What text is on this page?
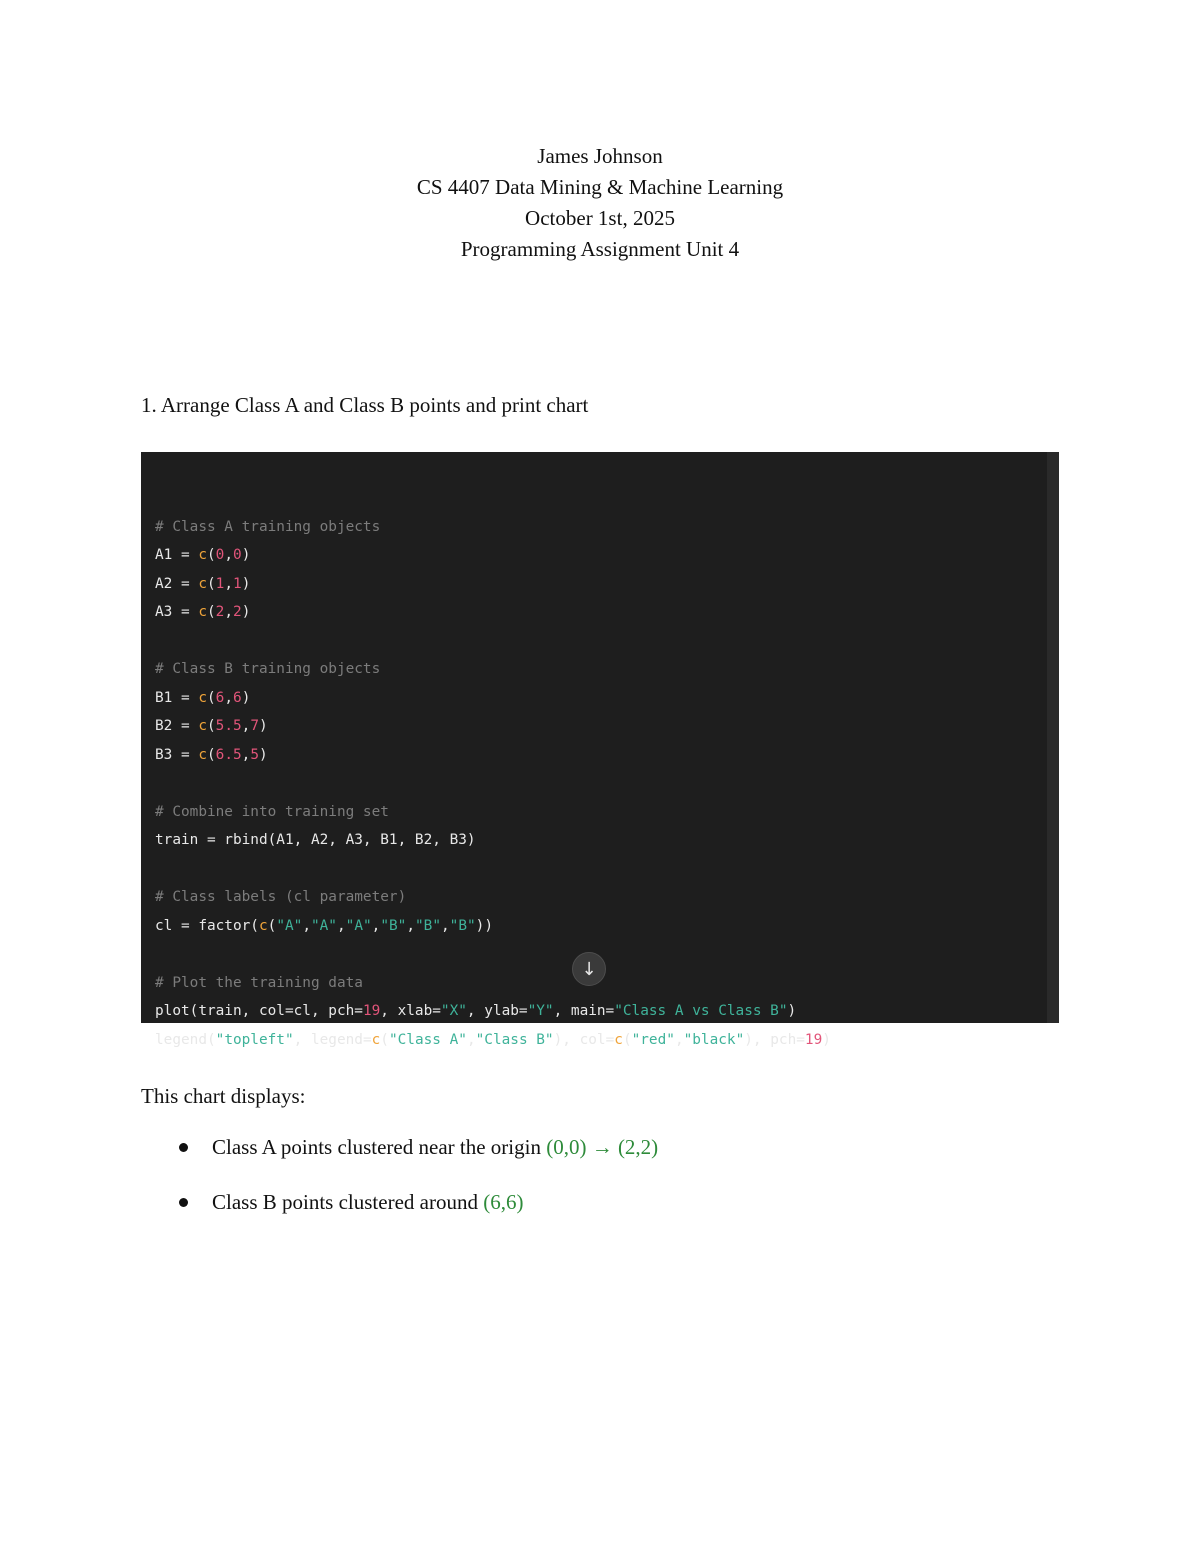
James Johnson
CS 4407 Data Mining & Machine Learning
October 1st, 2025
Programming Assignment Unit 4
1. Arrange Class A and Class B points and print chart
# Class A training objects
A1 = c(0,0)
A2 = c(1,1)
A3 = c(2,2)
# Class B training objects
B1 = c(6,6)
B2 = c(5.5,7)
B3 = c(6.5,5)
# Combine into training set
train = rbind(A1, A2, A3, B1, B2, B3)
# Class labels (cl parameter)
cl = factor(c("A","A","A","B","B","B"))
# Plot the training data
plot(train, col=cl, pch=19, xlab="X", ylab="Y", main="Class A vs Class B")
legend("topleft", legend=c("Class A","Class B"), col=c("red","black"), pch=19)
↓
This chart displays:
Class A points clustered near the origin (0,0) → (2,2)
Class B points clustered around (6,6)
